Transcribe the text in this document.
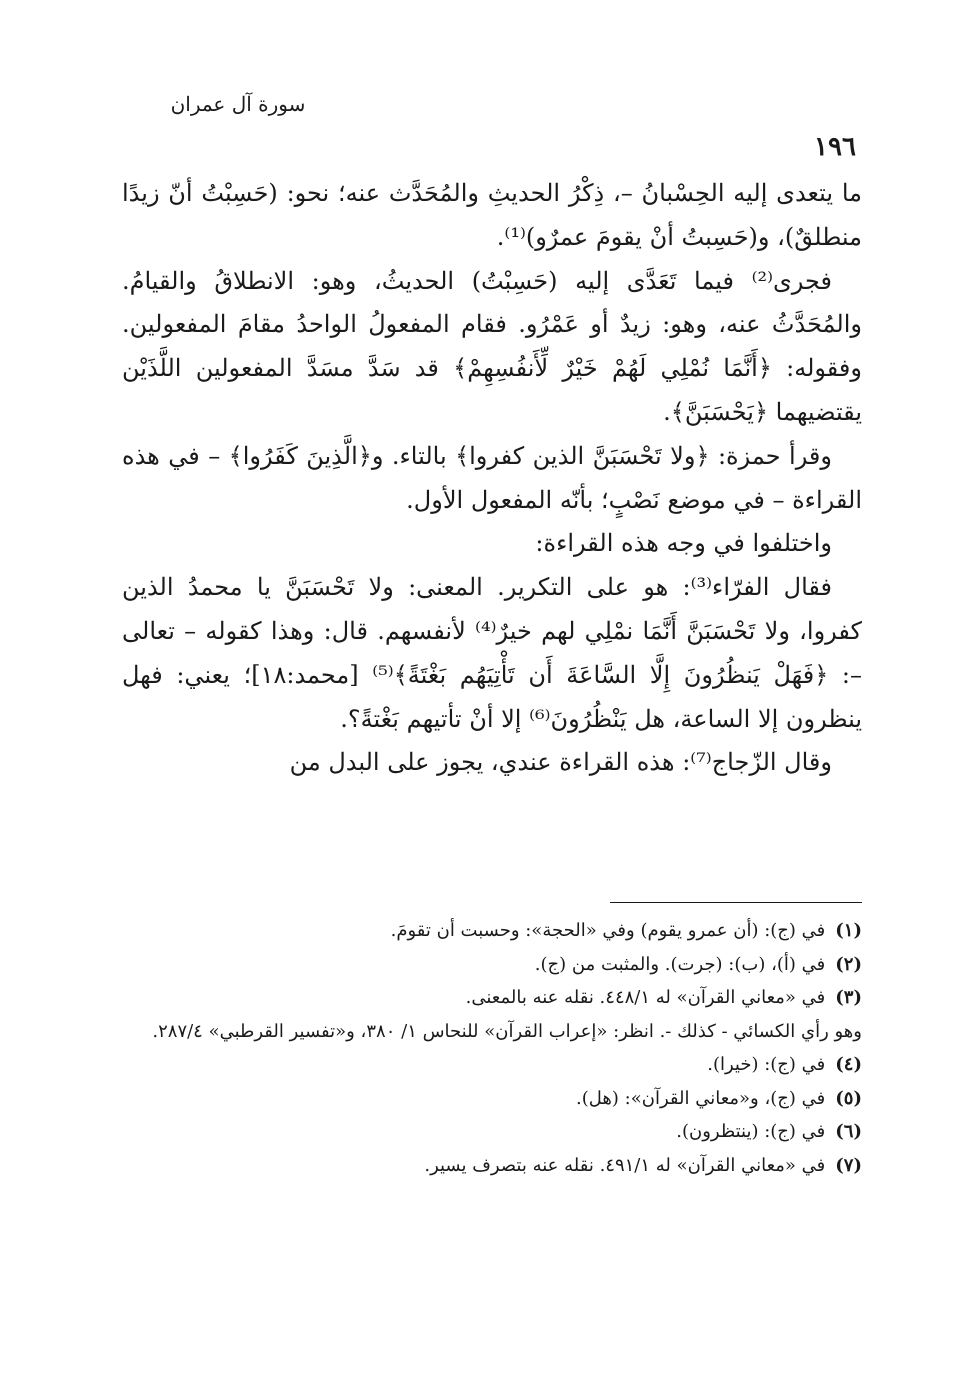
سورة آل عمران
١٩٦

ما يتعدى إليه الحِسْبانُ –، ذِكْرُ الحديثِ والمُحَدَّث عنه؛ نحو: (حَسِبْتُ أنّ زيدًا منطلقٌ)، و(حَسِبتُ أنْ يقومَ عمرٌو)⁽¹⁾.

فجرى⁽²⁾ فيما تَعَدَّى إليه (حَسِبْتُ) الحديثُ، وهو: الانطلاقُ والقيامُ. والمُحَدَّثُ عنه، وهو: زيدٌ أو عَمْرُو. فقام المفعولُ الواحدُ مقامَ المفعولين. وفقوله: ﴿أَنَّمَا نُمْلِي لَهُمْ خَيْرٌ لِّأَنفُسِهِمْ﴾ قد سَدَّ مسَدَّ المفعولين اللَّذَيْن يقتضيهما ﴿يَحْسَبَنَّ﴾.

وقرأ حمزة: ﴿ولا تَحْسَبَنَّ الذين كفروا﴾ بالتاء. و﴿الَّذِينَ كَفَرُوا﴾ – في هذه القراءة – في موضع نَصْبٍ؛ بأنّه المفعول الأول.

واختلفوا في وجه هذه القراءة:

فقال الفرّاء⁽³⁾: هو على التكرير. المعنى: ولا تَحْسَبَنَّ يا محمدُ الذين كفروا، ولا تَحْسَبَنَّ أَنَّمَا نمْلِي لهم خيرٌ⁽⁴⁾ لأنفسهم. قال: وهذا كقوله – تعالى –: ﴿فَهَلْ يَنظُرُونَ إِلَّا السَّاعَةَ أَن تَأْتِيَهُم بَغْتَةً﴾⁽⁵⁾ [محمد:١٨]؛ يعني: فهل ينظرون إلا الساعة، هل يَنْظُرُونَ⁽⁶⁾ إلا أنْ تأتيهم بَغْتةً؟.

وقال الزّجاج⁽⁷⁾: هذه القراءة عندي، يجوز على البدل من

(١)في (ج): (أن عمرو يقوم) وفي «الحجة»: وحسبت أن تقومَ.
(٢)في (أ)، (ب): (جرت). والمثبت من (ج).
(٣)في «معاني القرآن» له ٤٤٨/١. نقله عنه بالمعنى.
وهو رأي الكسائي - كذلك -. انظر: «إعراب القرآن» للنحاس ١/ ٣٨٠، و«تفسير القرطبي» ٢٨٧/٤.
(٤)في (ج): (خيرا).
(٥)في (ج)، و«معاني القرآن»: (هل).
(٦)في (ج): (ينتظرون).
(٧)في «معاني القرآن» له ٤٩١/١. نقله عنه بتصرف يسير.
